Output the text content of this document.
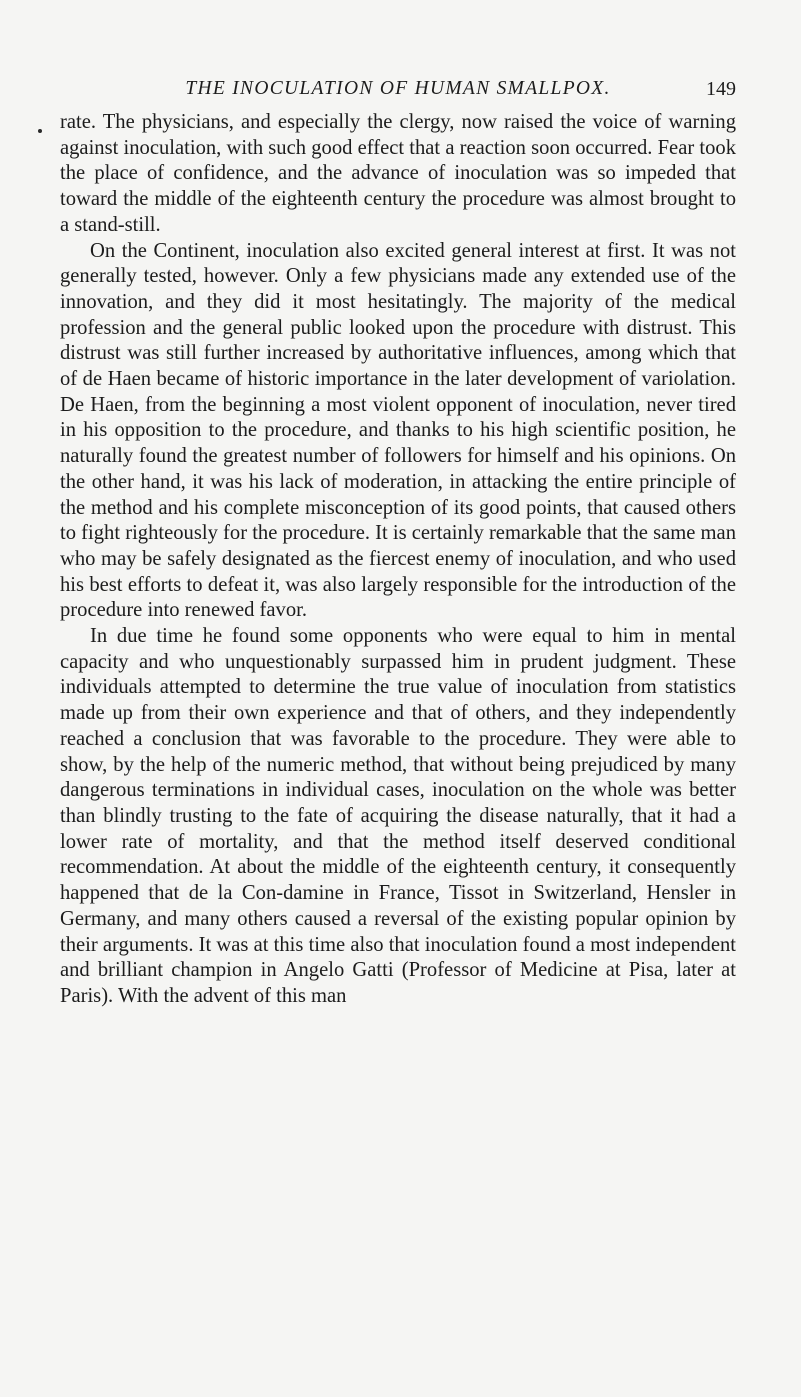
THE INOCULATION OF HUMAN SMALLPOX.	149

rate. The physicians, and especially the clergy, now raised the voice of warning against inoculation, with such good effect that a reaction soon occurred. Fear took the place of confidence, and the advance of inoculation was so impeded that toward the middle of the eighteenth century the procedure was almost brought to a stand-still.

On the Continent, inoculation also excited general interest at first. It was not generally tested, however. Only a few physicians made any extended use of the innovation, and they did it most hesitatingly. The majority of the medical profession and the general public looked upon the procedure with distrust. This distrust was still further increased by authoritative influences, among which that of de Haen became of historic importance in the later development of variolation. De Haen, from the beginning a most violent opponent of inoculation, never tired in his opposition to the procedure, and thanks to his high scientific position, he naturally found the greatest number of followers for himself and his opinions. On the other hand, it was his lack of moderation, in attacking the entire principle of the method and his complete misconception of its good points, that caused others to fight righteously for the procedure. It is certainly remarkable that the same man who may be safely designated as the fiercest enemy of inoculation, and who used his best efforts to defeat it, was also largely responsible for the introduction of the procedure into renewed favor.

In due time he found some opponents who were equal to him in mental capacity and who unquestionably surpassed him in prudent judgment. These individuals attempted to determine the true value of inoculation from statistics made up from their own experience and that of others, and they independently reached a conclusion that was favorable to the procedure. They were able to show, by the help of the numeric method, that without being prejudiced by many dangerous terminations in individual cases, inoculation on the whole was better than blindly trusting to the fate of acquiring the disease naturally, that it had a lower rate of mortality, and that the method itself deserved conditional recommendation. At about the middle of the eighteenth century, it consequently happened that de la Con-damine in France, Tissot in Switzerland, Hensler in Germany, and many others caused a reversal of the existing popular opinion by their arguments. It was at this time also that inoculation found a most independent and brilliant champion in Angelo Gatti (Professor of Medicine at Pisa, later at Paris). With the advent of this man
